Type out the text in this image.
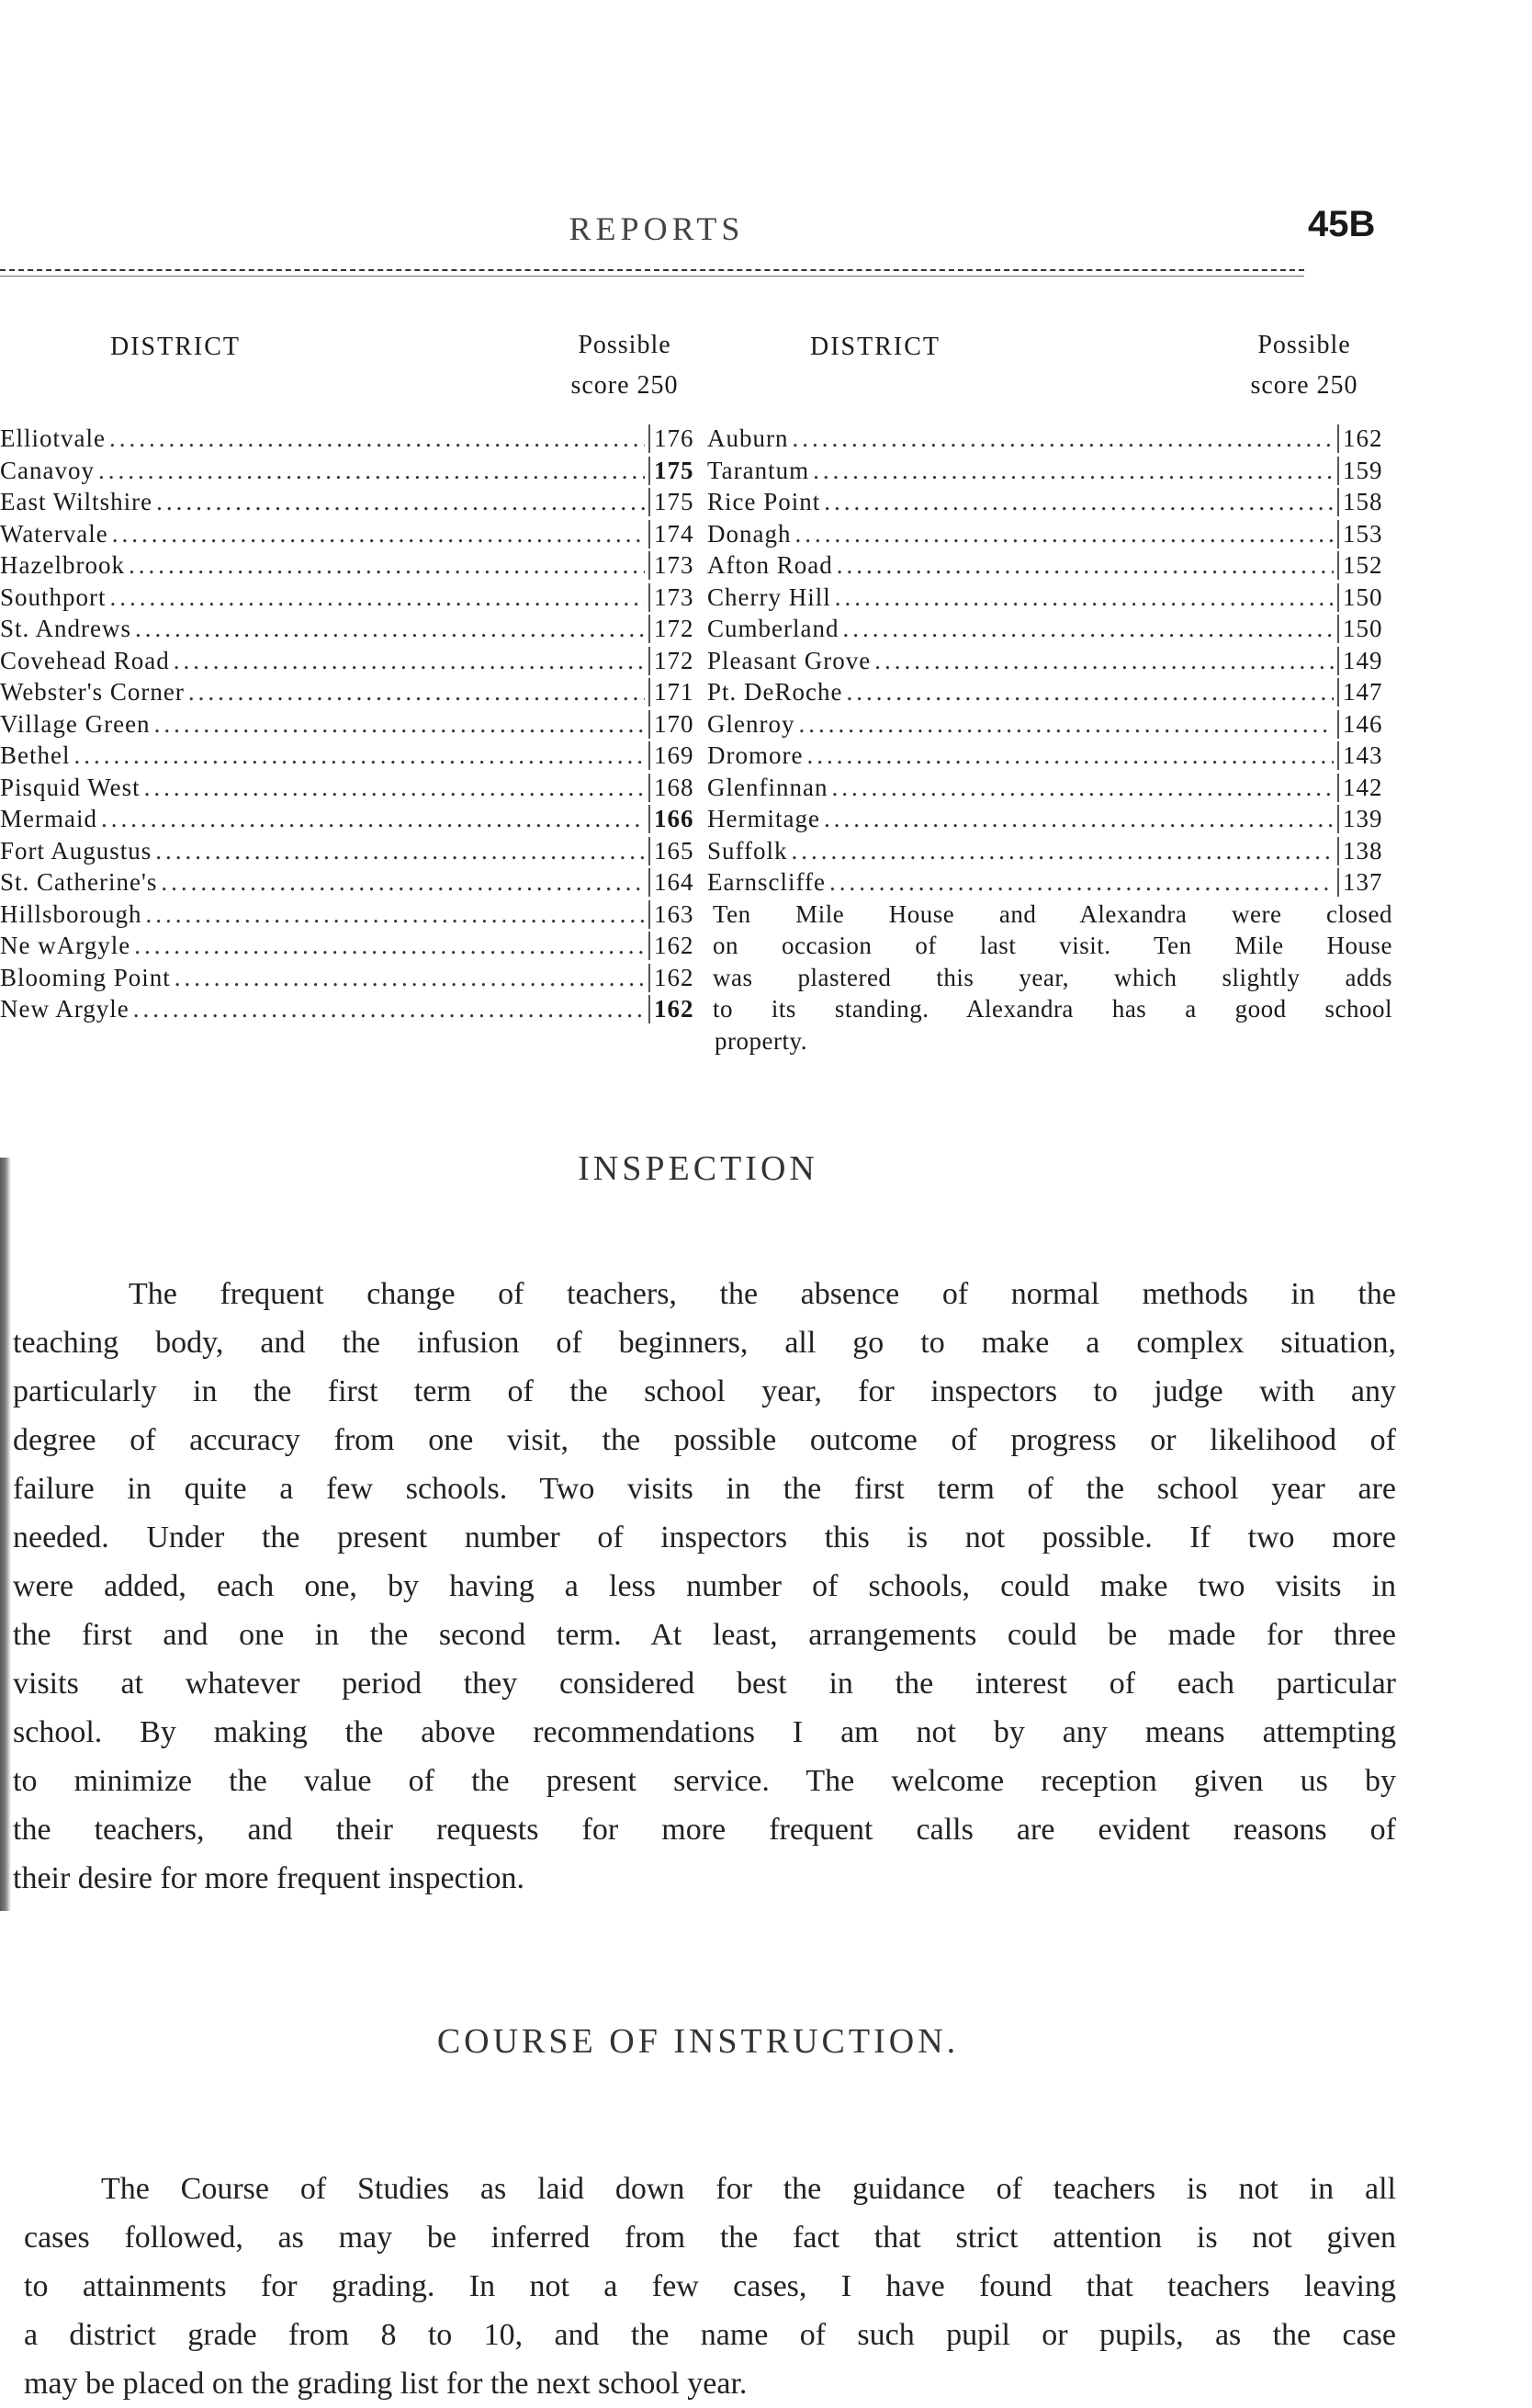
REPORTS	45B
DISTRICT	Possible
score 250
Elliotvale .....	176
Canavoy .....	175
East Wiltshire .....	175
Watervale .....	174
Hazelbrook .....	173
Southport .....	173
St. Andrews .....	172
Covehead Road .....	172
Webster's Corner .....	171
Village Green .....	170
Bethel .....	169
Pisquid West .....	168
Mermaid .....	166
Fort Augustus .....	165
St. Catherine's .....	164
Hillsborough .....	163
Ne wArgyle .....	162
Blooming Point .....	162
New Argyle .....	162
DISTRICT	Possible
score 250
Auburn .....	162
Tarantum .....	159
Rice Point .....	158
Donagh .....	153
Afton Road .....	152
Cherry Hill .....	150
Cumberland .....	150
Pleasant Grove .....	149
Pt. DeRoche .....	147
Glenroy .....	146
Dromore .....	143
Glenfinnan .....	142
Hermitage .....	139
Suffolk .....	138
Earnscliffe .....	137
Ten Mile House and Alexandra were closed
on occasion of last visit. Ten Mile House
was plastered this year, which slightly adds
to its standing. Alexandra has a good school
property.
INSPECTION
The frequent change of teachers, the absence of normal methods in the
teaching body, and the infusion of beginners, all go to make a complex situation,
particularly in the first term of the school year, for inspectors to judge with any
degree of accuracy from one visit, the possible outcome of progress or likelihood of
failure in quite a few schools. Two visits in the first term of the school year are
needed. Under the present number of inspectors this is not possible. If two more
were added, each one, by having a less number of schools, could make two visits in
the first and one in the second term. At least, arrangements could be made for three
visits at whatever period they considered best in the interest of each particular
school. By making the above recommendations I am not by any means attempting
to minimize the value of the present service. The welcome reception given us by
the teachers, and their requests for more frequent calls are evident reasons of
their desire for more frequent inspection.
COURSE OF INSTRUCTION.
The Course of Studies as laid down for the guidance of teachers is not in all
cases followed, as may be inferred from the fact that strict attention is not given
to attainments for grading. In not a few cases, I have found that teachers leaving
a district grade from 8 to 10, and the name of such pupil or pupils, as the case
may be placed on the grading list for the next school year.
